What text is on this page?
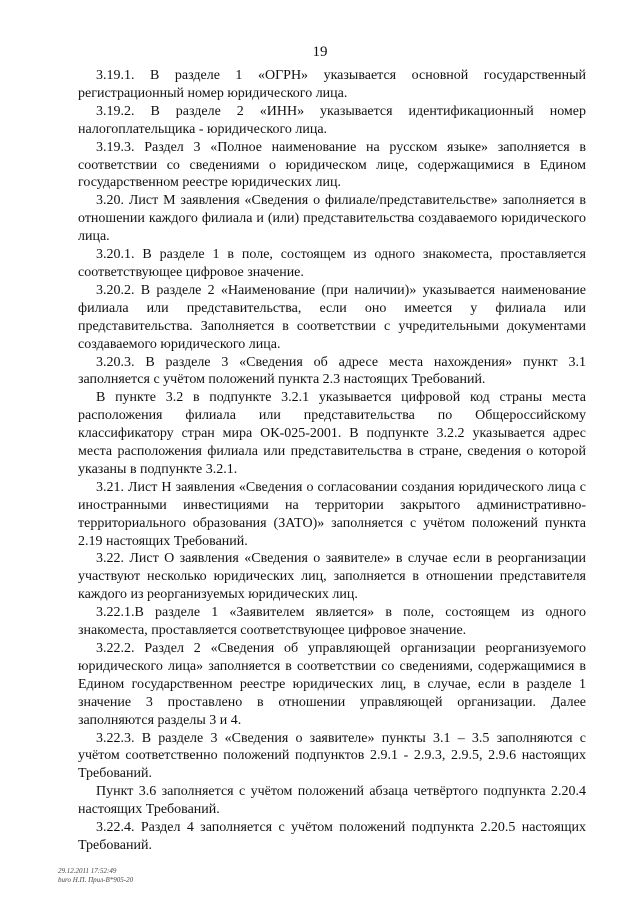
19

3.19.1. В разделе 1 «ОГРН» указывается основной государственный регистрационный номер юридического лица.

3.19.2. В разделе 2 «ИНН» указывается идентификационный номер налогоплательщика - юридического лица.

3.19.3. Раздел 3 «Полное наименование на русском языке» заполняется в соответствии со сведениями о юридическом лице, содержащимися в Едином государственном реестре юридических лиц.

3.20. Лист М заявления «Сведения о филиале/представительстве» заполняется в отношении каждого филиала и (или) представительства создаваемого юридического лица.

3.20.1. В разделе 1 в поле, состоящем из одного знакоместа, проставляется соответствующее цифровое значение.

3.20.2. В разделе 2 «Наименование (при наличии)» указывается наименование филиала или представительства, если оно имеется у филиала или представительства. Заполняется в соответствии с учредительными документами создаваемого юридического лица.

3.20.3. В разделе 3 «Сведения об адресе места нахождения» пункт 3.1 заполняется с учётом положений пункта 2.3 настоящих Требований.

В пункте 3.2 в подпункте 3.2.1 указывается цифровой код страны места расположения филиала или представительства по Общероссийскому классификатору стран мира ОК-025-2001. В подпункте 3.2.2 указывается адрес места расположения филиала или представительства в стране, сведения о которой указаны в подпункте 3.2.1.

3.21. Лист Н заявления «Сведения о согласовании создания юридического лица с иностранными инвестициями на территории закрытого административно-территориального образования (ЗАТО)» заполняется с учётом положений пункта 2.19 настоящих Требований.

3.22. Лист О заявления «Сведения о заявителе» в случае если в реорганизации участвуют несколько юридических лиц, заполняется в отношении представителя каждого из реорганизуемых юридических лиц.

3.22.1.В разделе 1 «Заявителем является» в поле, состоящем из одного знакоместа, проставляется соответствующее цифровое значение.

3.22.2. Раздел 2 «Сведения об управляющей организации реорганизуемого юридического лица» заполняется в соответствии со сведениями, содержащимися в Едином государственном реестре юридических лиц, в случае, если в разделе 1 значение 3 проставлено в отношении управляющей организации. Далее заполняются разделы 3 и 4.

3.22.3. В разделе 3 «Сведения о заявителе» пункты 3.1 – 3.5 заполняются с учётом соответственно положений подпунктов 2.9.1 - 2.9.3, 2.9.5, 2.9.6 настоящих Требований.

Пункт 3.6 заполняется с учётом положений абзаца четвёртого подпункта 2.20.4 настоящих Требований.

3.22.4. Раздел 4 заполняется с учётом положений подпункта 2.20.5 настоящих Требований.

29.12.2011 17:52:49
buro Н.П. Прил-В*905-20
